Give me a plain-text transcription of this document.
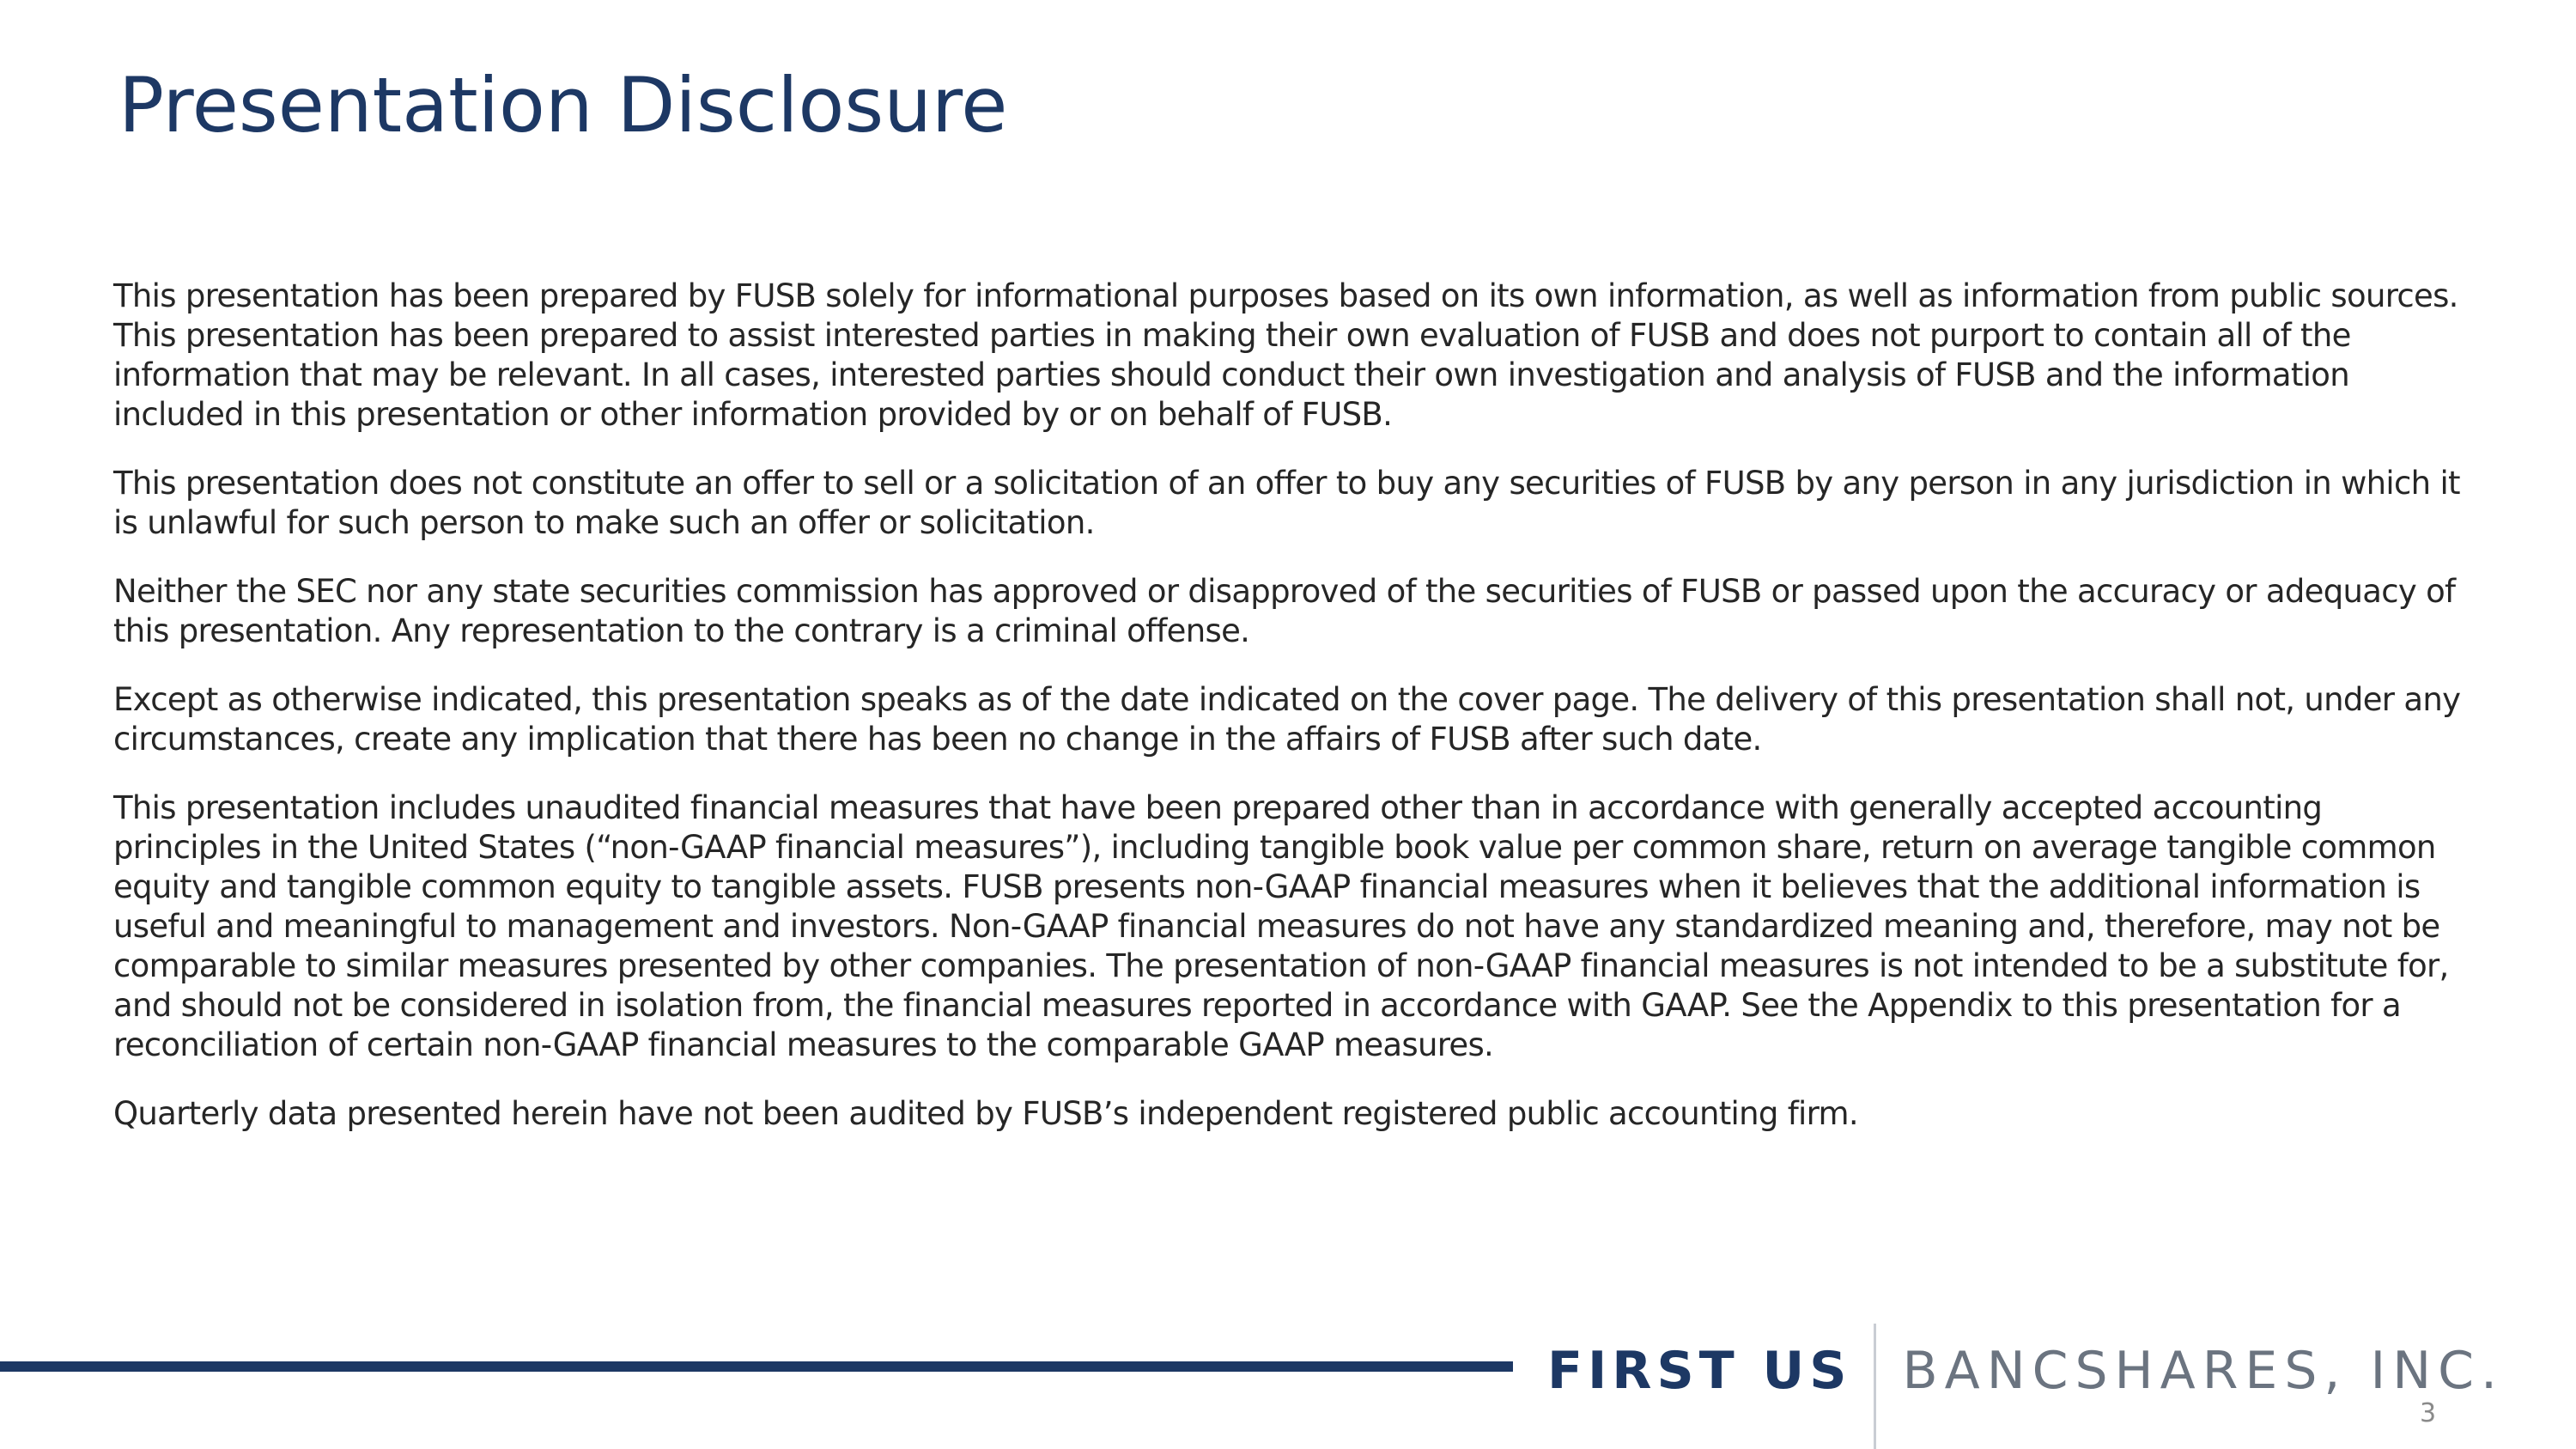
Presentation Disclosure

This presentation has been prepared by FUSB solely for informational purposes based on its own information, as well as information from public sources. This presentation has been prepared to assist interested parties in making their own evaluation of FUSB and does not purport to contain all of the information that may be relevant. In all cases, interested parties should conduct their own investigation and analysis of FUSB and the information included in this presentation or other information provided by or on behalf of FUSB.

This presentation does not constitute an offer to sell or a solicitation of an offer to buy any securities of FUSB by any person in any jurisdiction in which it is unlawful for such person to make such an offer or solicitation.

Neither the SEC nor any state securities commission has approved or disapproved of the securities of FUSB or passed upon the accuracy or adequacy of this presentation. Any representation to the contrary is a criminal offense.

Except as otherwise indicated, this presentation speaks as of the date indicated on the cover page. The delivery of this presentation shall not, under any circumstances, create any implication that there has been no change in the affairs of FUSB after such date.

This presentation includes unaudited financial measures that have been prepared other than in accordance with generally accepted accounting principles in the United States (“non-GAAP financial measures”), including tangible book value per common share, return on average tangible common equity and tangible common equity to tangible assets. FUSB presents non-GAAP financial measures when it believes that the additional information is useful and meaningful to management and investors. Non-GAAP financial measures do not have any standardized meaning and, therefore, may not be comparable to similar measures presented by other companies. The presentation of non-GAAP financial measures is not intended to be a substitute for, and should not be considered in isolation from, the financial measures reported in accordance with GAAP. See the Appendix to this presentation for a reconciliation of certain non-GAAP financial measures to the comparable GAAP measures.

Quarterly data presented herein have not been audited by FUSB’s independent registered public accounting firm.

FIRST US BANCSHARES, INC.
3
